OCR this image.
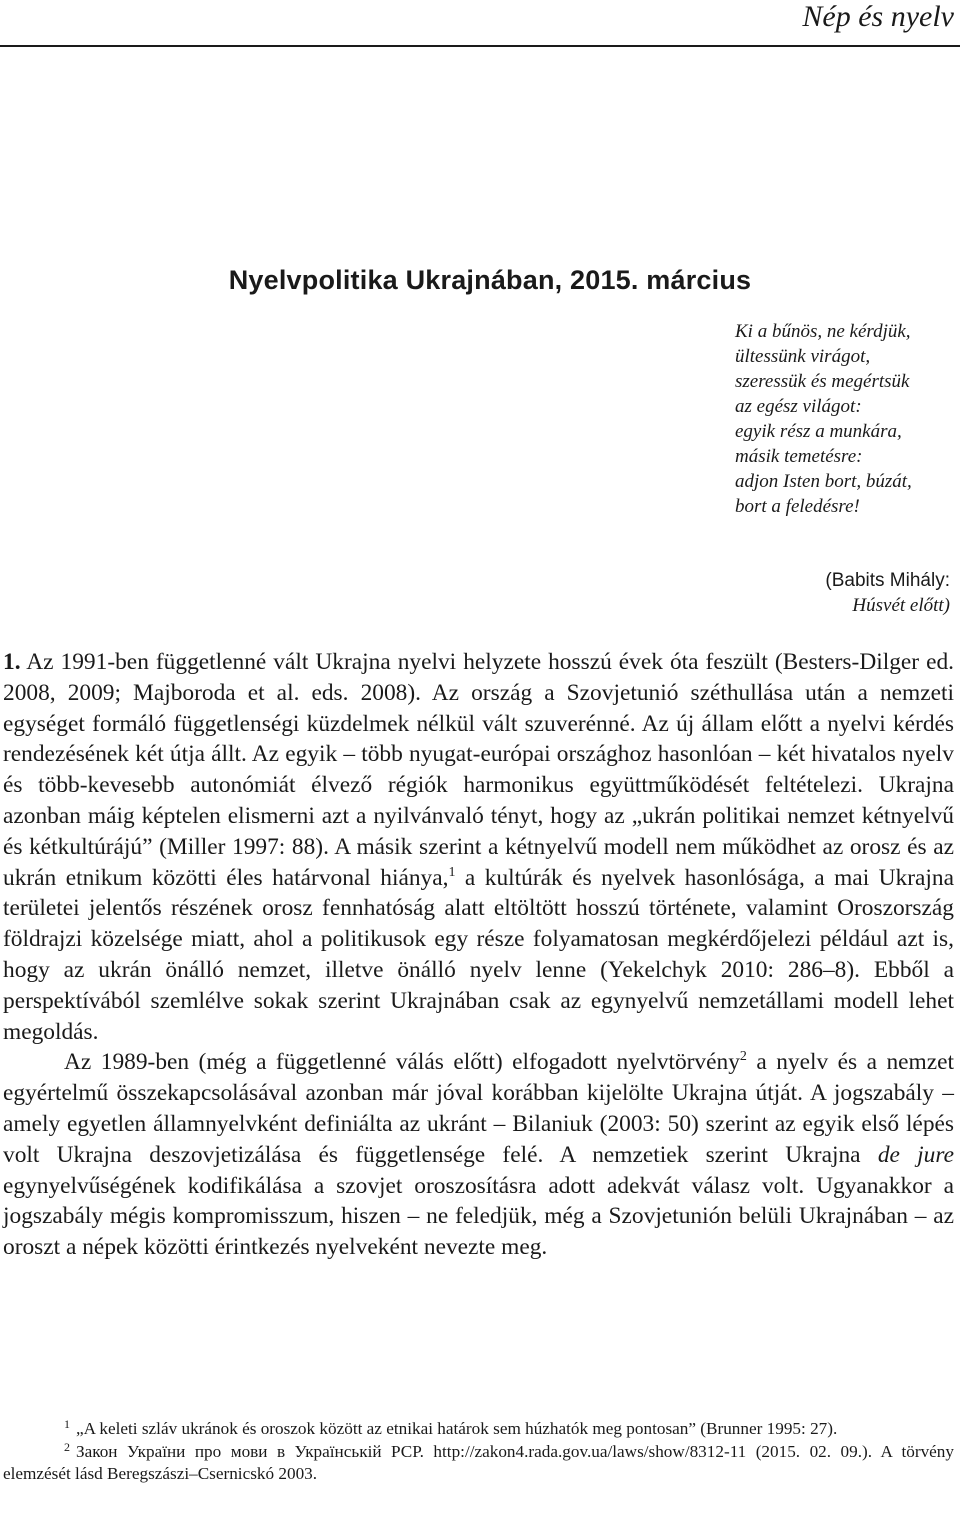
Nép és nyelv
Nyelvpolitika Ukrajnában, 2015. március
Ki a bűnös, ne kérdjük,
ültessünk virágot,
szeressük és megértsük
az egész világot:
egyik rész a munkára,
másik temetésre:
adjon Isten bort, búzát,
bort a feledésre!
(Babits Mihály:
Húsvét előtt)

1. Az 1991-ben függetlenné vált Ukrajna nyelvi helyzete hosszú évek óta feszült (Besters-Dilger ed. 2008, 2009; Majboroda et al. eds. 2008). Az ország a Szovjetunió széthullása után a nemzeti egységet formáló függetlenségi küzdelmek nélkül vált szuverénné. Az új állam előtt a nyelvi kérdés rendezésének két útja állt. Az egyik – több nyugat-európai országhoz hasonlóan – két hivatalos nyelv és több-kevesebb autonómiát élvező régiók harmonikus együttműködését feltételezi. Ukrajna azonban máig képtelen elismerni azt a nyilvánvaló tényt, hogy az „ukrán politikai nemzet kétnyelvű és kétkultúrájú” (Miller 1997: 88). A másik szerint a kétnyelvű modell nem működhet az orosz és az ukrán etnikum közötti éles határvonal hiánya,$^1$ a kultúrák és nyelvek hasonlósága, a mai Ukrajna területei jelentős részének orosz fennhatóság alatt eltöltött hosszú története, valamint Oroszország földrajzi közelsége miatt, ahol a politikusok egy része folyamatosan megkérdőjelezi például azt is, hogy az ukrán önálló nemzet, illetve önálló nyelv lenne (Yekelchyk 2010: 286–8). Ebből a perspektívából szemlélve sokak szerint Ukrajnában csak az egynyelvű nemzetállami modell lehet megoldás.

Az 1989-ben (még a függetlenné válás előtt) elfogadott nyelvtörvény$^2$ a nyelv és a nemzet egyértelmű összekapcsolásával azonban már jóval korábban kijelölte Ukrajna útját. A jogszabály – amely egyetlen államnyelvként definiálta az ukránt – Bilaniuk (2003: 50) szerint az egyik első lépés volt Ukrajna deszovjetizálása és függetlensége felé. A nemzetiek szerint Ukrajna de jure egynyelvűségének kodifikálása a szovjet oroszosításra adott adekvát válasz volt. Ugyanakkor a jogszabály mégis kompromisszum, hiszen – ne feledjük, még a Szovjetunión belüli Ukrajnában – az oroszt a népek közötti érintkezés nyelveként nevezte meg.

$^1$ „A keleti szláv ukránok és oroszok között az etnikai határok sem húzhatók meg pontosan” (Brunner 1995: 27).

$^2$ Закон України про мови в Українській РСР. http://zakon4.rada.gov.ua/laws/show/8312-11 (2015. 02. 09.). A törvény elemzését lásd Beregszászi–Csernicskó 2003.
